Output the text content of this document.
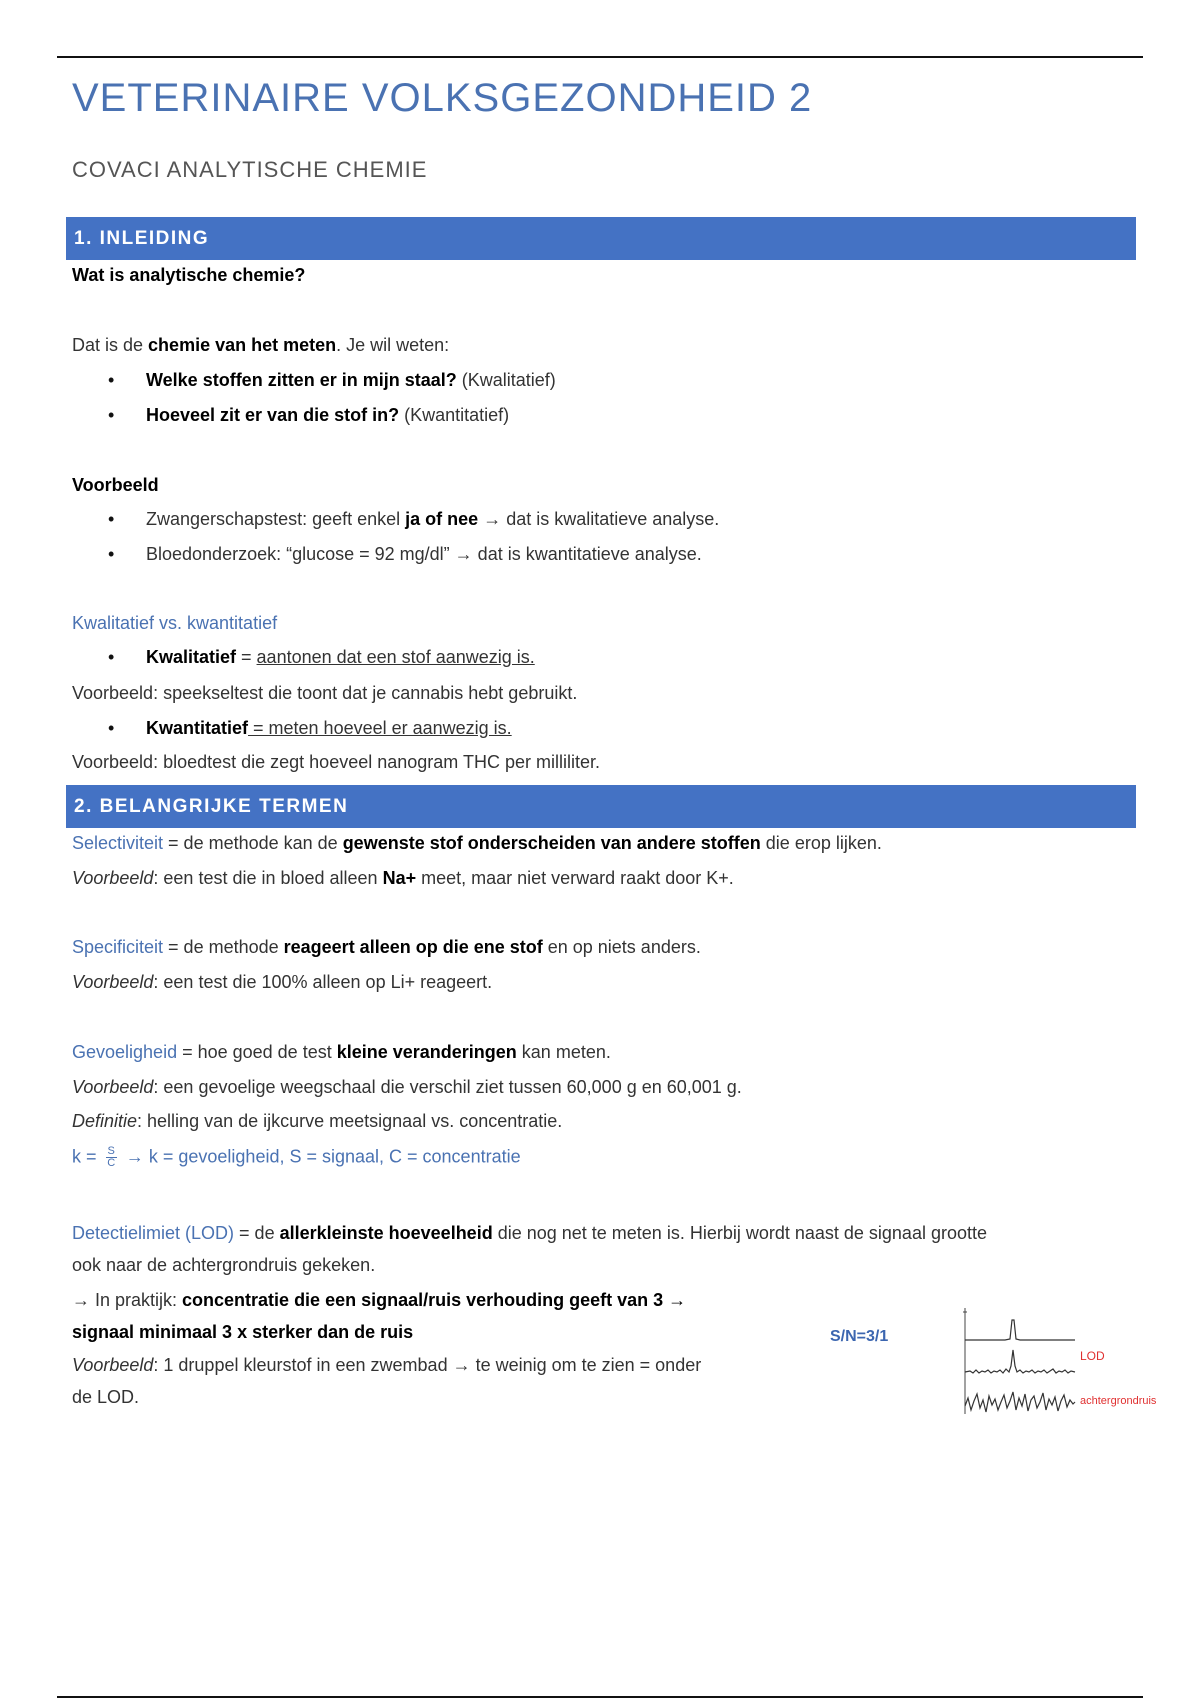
VETERINAIRE VOLKSGEZONDHEID 2
COVACI ANALYTISCHE CHEMIE
1. INLEIDING
Wat is analytische chemie?
Dat is de chemie van het meten. Je wil weten:
• Welke stoffen zitten er in mijn staal? (Kwalitatief)
• Hoeveel zit er van die stof in? (Kwantitatief)
Voorbeeld
• Zwangerschapstest: geeft enkel ja of nee → dat is kwalitatieve analyse.
• Bloedonderzoek: “glucose = 92 mg/dl” → dat is kwantitatieve analyse.
Kwalitatief vs. kwantitatief
• Kwalitatief = aantonen dat een stof aanwezig is.
Voorbeeld: speekseltest die toont dat je cannabis hebt gebruikt.
• Kwantitatief = meten hoeveel er aanwezig is.
Voorbeeld: bloedtest die zegt hoeveel nanogram THC per milliliter.
2. BELANGRIJKE TERMEN
Selectiviteit = de methode kan de gewenste stof onderscheiden van andere stoffen die erop lijken.
Voorbeeld: een test die in bloed alleen Na+ meet, maar niet verward raakt door K+.
Specificiteit = de methode reageert alleen op die ene stof en op niets anders.
Voorbeeld: een test die 100% alleen op Li+ reageert.
Gevoeligheid = hoe goed de test kleine veranderingen kan meten.
Voorbeeld: een gevoelige weegschaal die verschil ziet tussen 60,000 g en 60,001 g.
Definitie: helling van de ijkcurve meetsignaal vs. concentratie.
$k = \frac{S}{C} \to k$ = gevoeligheid, S = signaal, C = concentratie
Detectielimiet (LOD) = de allerkleinste hoeveelheid die nog net te meten is. Hierbij wordt naast de signaal grootte
ook naar de achtergrondruis gekeken.
→ In praktijk: concentratie die een signaal/ruis verhouding geeft van 3 →
signaal minimaal 3 x sterker dan de ruis
Voorbeeld: 1 druppel kleurstof in een zwembad → te weinig om te zien = onder
de LOD.
S/N=3/1
LOD
achtergrondruis
